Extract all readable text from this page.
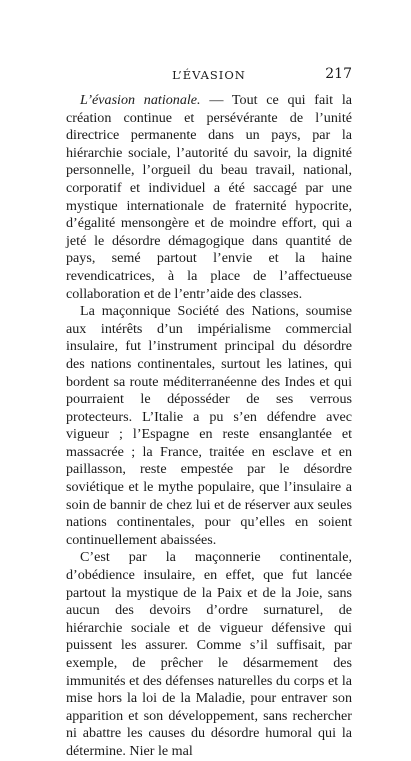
L’ÉVASION	217

L’évasion nationale. — Tout ce qui fait la création continue et persévérante de l’unité directrice permanente dans un pays, par la hiérarchie sociale, l’autorité du savoir, la dignité personnelle, l’orgueil du beau travail, national, corporatif et individuel a été saccagé par une mystique internationale de fraternité hypocrite, d’égalité mensongère et de moindre effort, qui a jeté le désordre démagogique dans quantité de pays, semé partout l’envie et la haine revendicatrices, à la place de l’affectueuse collaboration et de l’entr’aide des classes.

La maçonnique Société des Nations, soumise aux intérêts d’un impérialisme commercial insulaire, fut l’instrument principal du désordre des nations continentales, surtout les latines, qui bordent sa route méditerranéenne des Indes et qui pourraient le déposséder de ses verrous protecteurs. L’Italie a pu s’en défendre avec vigueur ; l’Espagne en reste ensanglantée et massacrée ; la France, traitée en esclave et en paillasson, reste empestée par le désordre soviétique et le mythe populaire, que l’insulaire a soin de bannir de chez lui et de réserver aux seules nations continentales, pour qu’elles en soient continuellement abaissées.

C’est par la maçonnerie continentale, d’obédience insulaire, en effet, que fut lancée partout la mystique de la Paix et de la Joie, sans aucun des devoirs d’ordre surnaturel, de hiérarchie sociale et de vigueur défensive qui puissent les assurer. Comme s’il suffisait, par exemple, de prêcher le désarmement des immunités et des défenses naturelles du corps et la mise hors la loi de la Maladie, pour entraver son apparition et son développement, sans rechercher ni abattre les causes du désordre humoral qui la détermine. Nier le mal
